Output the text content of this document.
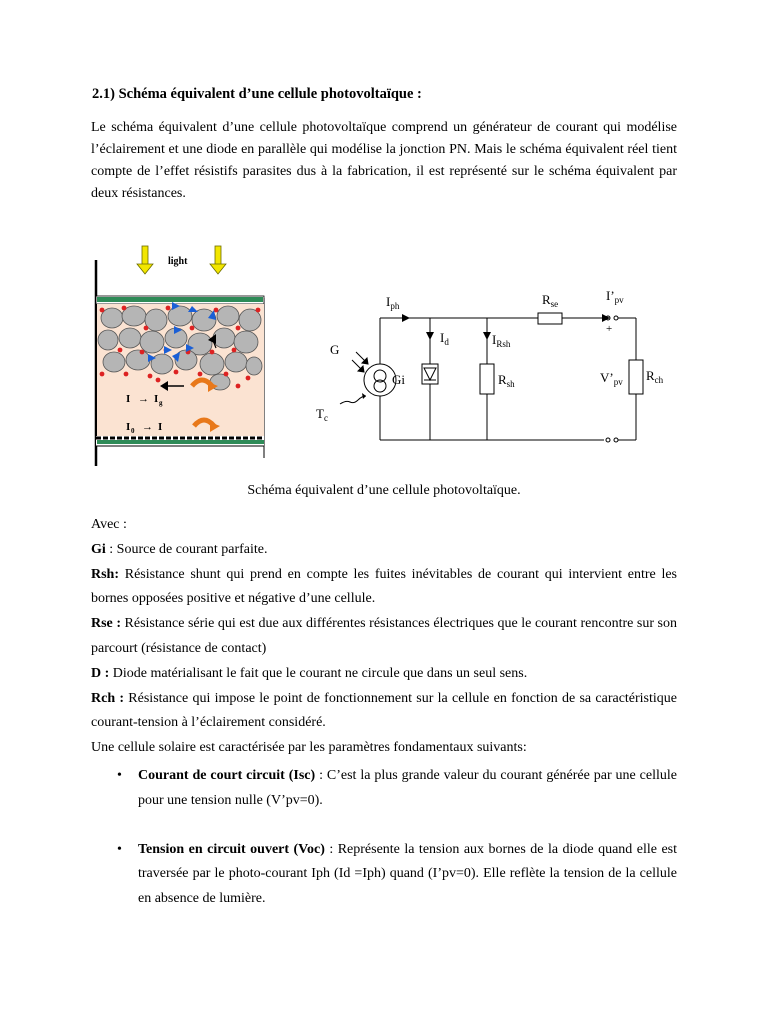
2.1) Schéma équivalent d’une cellule photovoltaïque :
Le schéma équivalent d’une cellule photovoltaïque comprend un générateur de courant qui modélise l’éclairement et une diode en parallèle qui modélise la jonction PN. Mais le schéma équivalent réel tient compte de l’effet résistifs parasites dus à la fabrication, il est représenté sur le schéma équivalent par deux résistances.
light
I → I g
I 0 → I
$I_{ph}$
$I_d$	$I_{Rsh}$
$R_{se}$
$I’_{pv}$
+
G
Gi
$T_c$
$R_{sh}$	$V’_{pv}$ $R_{ch}$
Schéma équivalent d’une cellule photovoltaïque.

Avec :

Gi : Source de courant parfaite.

Rsh: Résistance shunt qui prend en compte les fuites inévitables de courant qui intervient entre les bornes opposées positive et négative d’une cellule.

Rse : Résistance série qui est due aux différentes résistances électriques que le courant rencontre sur son parcourt (résistance de contact)

D : Diode matérialisant le fait que le courant ne circule que dans un seul sens.

Rch : Résistance qui impose le point de fonctionnement sur la cellule en fonction de sa caractéristique courant-tension à l’éclairement considéré.

Une cellule solaire est caractérisée par les paramètres fondamentaux suivants:

• Courant de court circuit (Isc) : C’est la plus grande valeur du courant générée par une cellule pour une tension nulle (V’pv=0).
• Tension en circuit ouvert (Voc) : Représente la tension aux bornes de la diode quand elle est traversée par le photo-courant Iph (Id =Iph) quand (I’pv=0). Elle reflète la tension de la cellule en absence de lumière.
